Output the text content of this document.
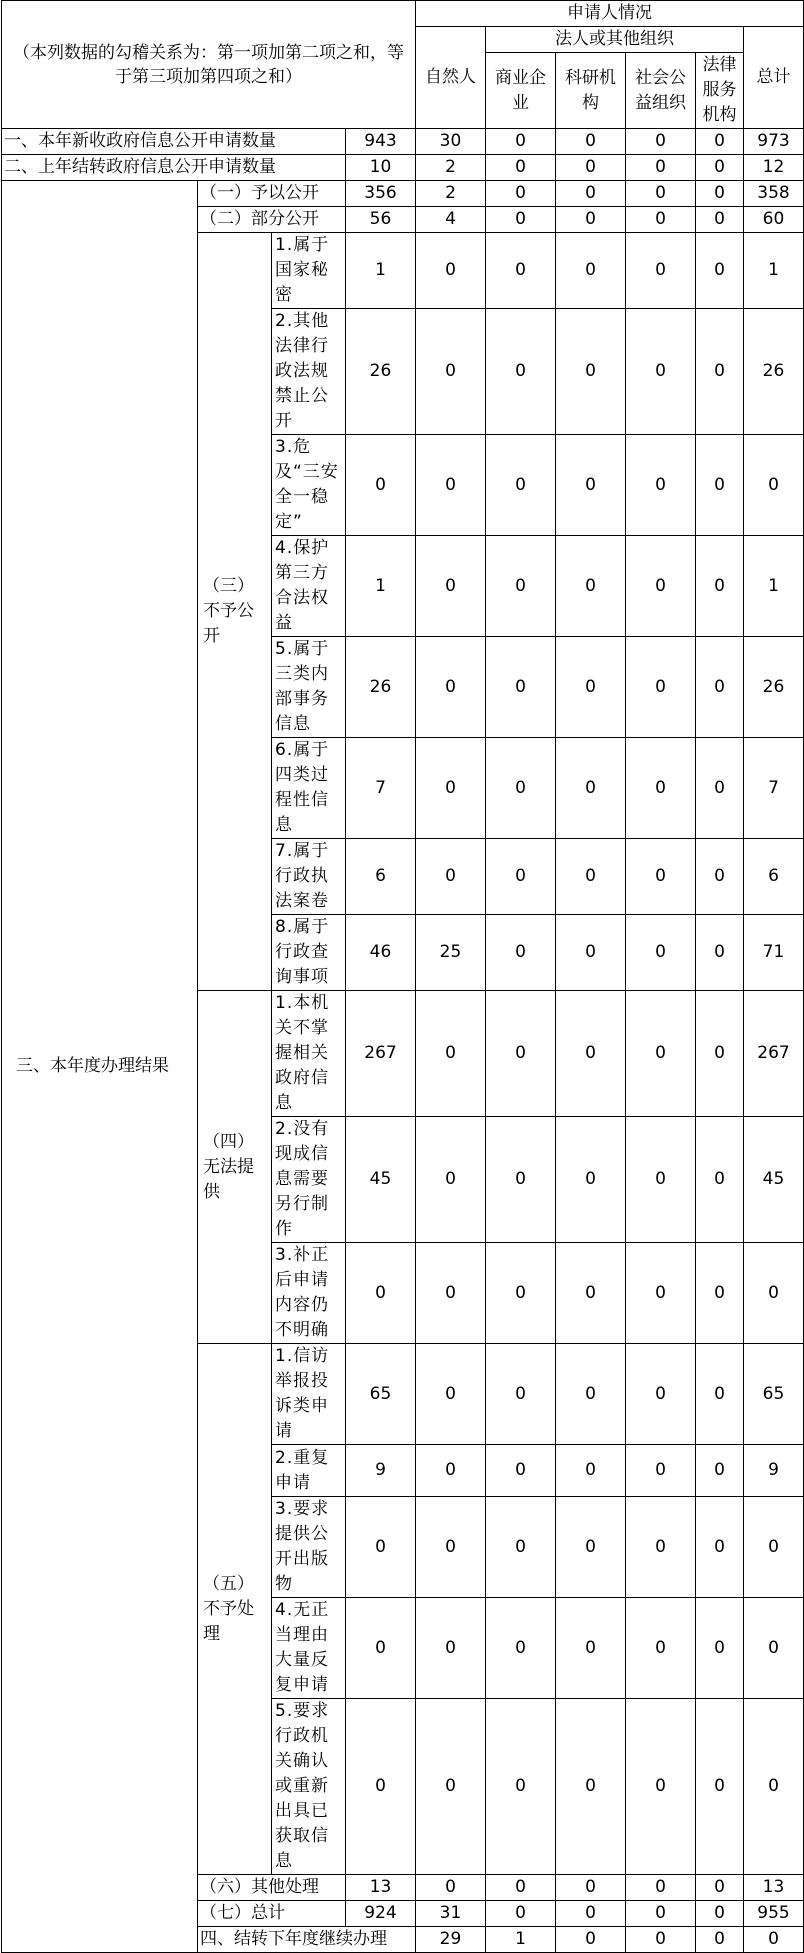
（本列数据的勾稽关系为：第一项加第二项之和，等于第三项加第四项之和）				申请人情况						
				自然人	法人或其他组织				总计	
					商业企业	科研机构	社会公益组织	法律服务机构	
一、本年新收政府信息公开申请数量			943	30	0	0	0	0	973	
二、上年结转政府信息公开申请数量			10	2	0	0	0	0	12	
三、本年度办理结果	（一）予以公开		356	2	0	0	0	0	358	
	（二）部分公开		56	4	0	0	0	0	60	
	（三）不予公开	1.属于国家秘密	1	0	0	0	0	0	1	
		2.其他法律行政法规禁止公开	26	0	0	0	0	0	26	
		3.危及“三安全一稳定”	0	0	0	0	0	0	0	
		4.保护第三方合法权益	1	0	0	0	0	0	1	
		5.属于三类内部事务信息	26	0	0	0	0	0	26	
		6.属于四类过程性信息	7	0	0	0	0	0	7	
		7.属于行政执法案卷	6	0	0	0	0	0	6	
		8.属于行政查询事项	46	25	0	0	0	0	71	
	（四）无法提供	1.本机关不掌握相关政府信息	267	0	0	0	0	0	267	
		2.没有现成信息需要另行制作	45	0	0	0	0	0	45	
		3.补正后申请内容仍不明确	0	0	0	0	0	0	0	
	（五）不予处理	1.信访举报投诉类申请	65	0	0	0	0	0	65	
		2.重复申请	9	0	0	0	0	0	9	
		3.要求提供公开出版物	0	0	0	0	0	0	0	
		4.无正当理由大量反复申请	0	0	0	0	0	0	0	
		5.要求行政机关确认或重新出具已获取信息	0	0	0	0	0	0	0	
	（六）其他处理		13	0	0	0	0	0	13	
	（七）总计		924	31	0	0	0	0	955	
	四、结转下年度继续办理			29	1	0	0	0	0	
